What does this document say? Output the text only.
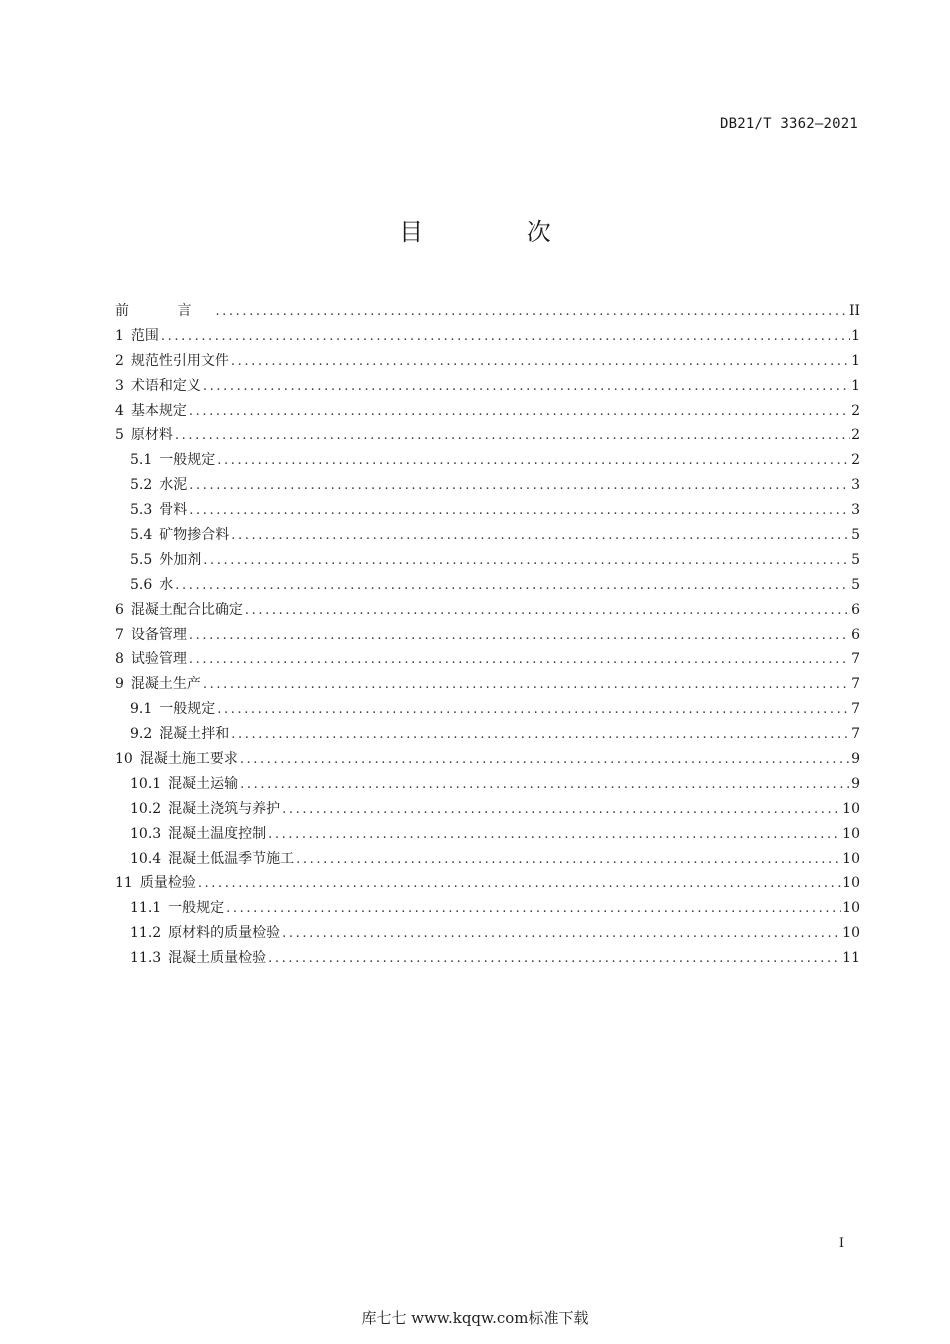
DB21/T 3362—2021
目 次
前 言 .....	II
1 范围 .....	1
2 规范性引用文件 .....	1
3 术语和定义 .....	1
4 基本规定 .....	2
5 原材料 .....	2
5.1 一般规定 .....	2
5.2 水泥 .....	3
5.3 骨料 .....	3
5.4 矿物掺合料 .....	5
5.5 外加剂 .....	5
5.6 水 .....	5
6 混凝土配合比确定 .....	6
7 设备管理 .....	6
8 试验管理 .....	7
9 混凝土生产 .....	7
9.1 一般规定 .....	7
9.2 混凝土拌和 .....	7
10 混凝土施工要求 .....	9
10.1 混凝土运输 .....	9
10.2 混凝土浇筑与养护 .....	10
10.3 混凝土温度控制 .....	10
10.4 混凝土低温季节施工 .....	10
11 质量检验 .....	10
11.1 一般规定 .....	10
11.2 原材料的质量检验 .....	10
11.3 混凝土质量检验 .....	11
I
库七七 www.kqqw.com标准下载
